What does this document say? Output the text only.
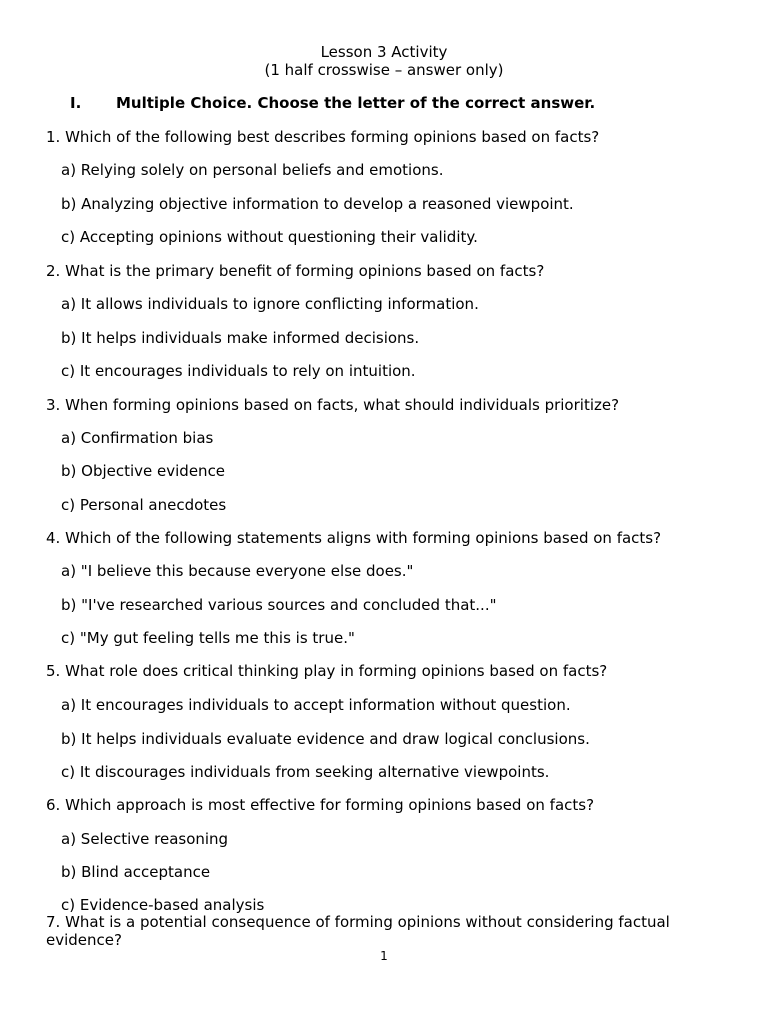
Lesson 3 Activity
(1 half crosswise – answer only)
I. Multiple Choice. Choose the letter of the correct answer.
1. Which of the following best describes forming opinions based on facts?
a) Relying solely on personal beliefs and emotions.
b) Analyzing objective information to develop a reasoned viewpoint.
c) Accepting opinions without questioning their validity.
2. What is the primary benefit of forming opinions based on facts?
a) It allows individuals to ignore conflicting information.
b) It helps individuals make informed decisions.
c) It encourages individuals to rely on intuition.
3. When forming opinions based on facts, what should individuals prioritize?
a) Confirmation bias
b) Objective evidence
c) Personal anecdotes
4. Which of the following statements aligns with forming opinions based on facts?
a) "I believe this because everyone else does."
b) "I've researched various sources and concluded that..."
c) "My gut feeling tells me this is true."
5. What role does critical thinking play in forming opinions based on facts?
a) It encourages individuals to accept information without question.
b) It helps individuals evaluate evidence and draw logical conclusions.
c) It discourages individuals from seeking alternative viewpoints.
6. Which approach is most effective for forming opinions based on facts?
a) Selective reasoning
b) Blind acceptance
c) Evidence-based analysis
7. What is a potential consequence of forming opinions without considering factual evidence?
1
